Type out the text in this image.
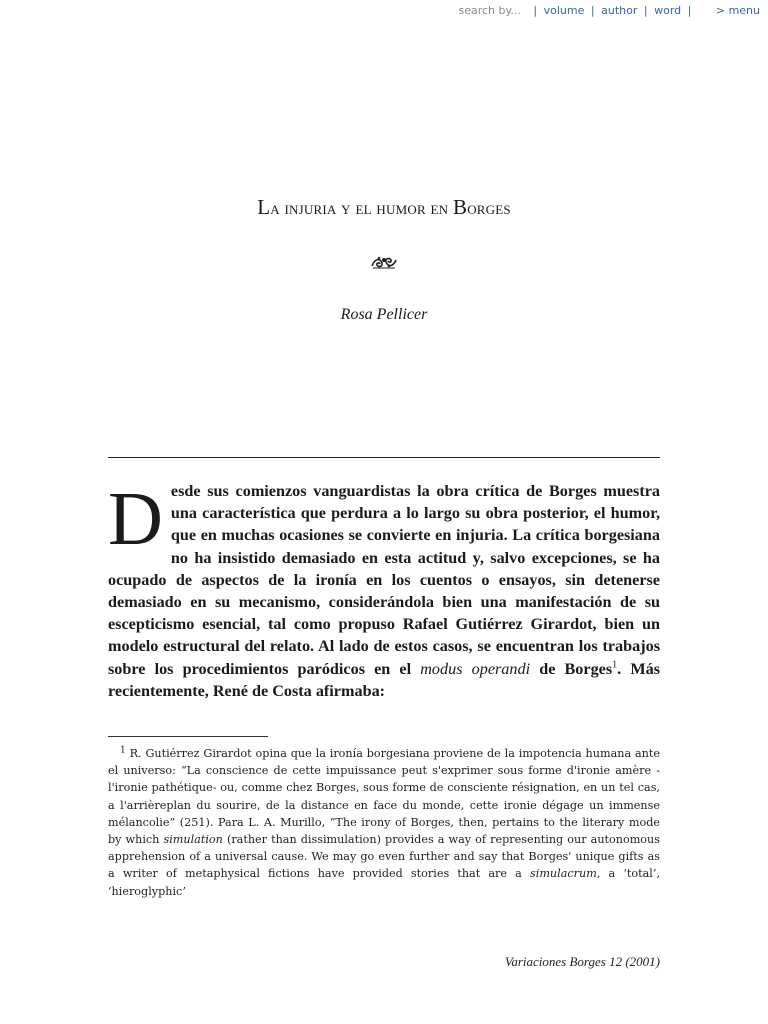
search by... | volume | author | word | > menu
La injuria y el humor en Borges
Rosa Pellicer
Desde sus comienzos vanguardistas la obra crítica de Borges muestra una característica que perdura a lo largo su obra posterior, el humor, que en muchas ocasiones se convierte en injuria. La crítica borgesiana no ha insistido demasiado en esta actitud y, salvo excepciones, se ha ocupado de aspectos de la ironía en los cuentos o ensayos, sin detenerse demasiado en su mecanismo, considerándola bien una manifestación de su escepticismo esencial, tal como propuso Rafael Gutiérrez Girardot, bien un modelo estructural del relato. Al lado de estos casos, se encuentran los trabajos sobre los procedimientos paródicos en el modus operandi de Borges$^1$. Más recientemente, René de Costa afirmaba:
$^1$ R. Gutiérrez Girardot opina que la ironía borgesiana proviene de la impotencia humana ante el universo: “La conscience de cette impuissance peut s'exprimer sous forme d'ironie amère -l'ironie pathétique- ou, comme chez Borges, sous forme de consciente résignation, en un tel cas, a l'arrièreplan du sourire, de la distance en face du monde, cette ironie dégage un immense mélancolie” (251). Para L. A. Murillo, “The irony of Borges, then, pertains to the literary mode by which simulation (rather than dissimulation) provides a way of representing our autonomous apprehension of a universal cause. We may go even further and say that Borges' unique gifts as a writer of metaphysical fictions have provided stories that are a simulacrum, a ‘total’, ‘hieroglyphic’
Variaciones Borges 12 (2001)
